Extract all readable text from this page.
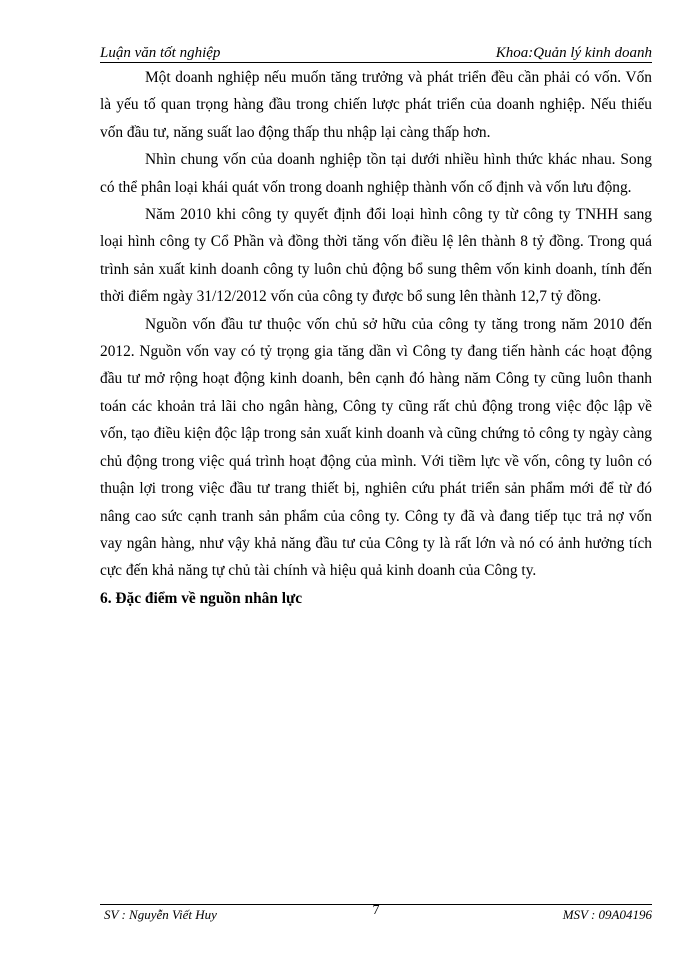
Luận văn tốt nghiệp	Khoa:Quản lý kinh doanh

Một doanh nghiệp nếu muốn tăng trưởng và phát triển đều cần phải có vốn. Vốn là yếu tố quan trọng hàng đầu trong chiến lược phát triển của doanh nghiệp. Nếu thiếu vốn đầu tư, năng suất lao động thấp thu nhập lại càng thấp hơn.

Nhìn chung vốn của doanh nghiệp tồn tại dưới nhiều hình thức khác nhau. Song có thể phân loại khái quát vốn trong doanh nghiệp thành vốn cố định và vốn lưu động.

Năm 2010 khi công ty quyết định đổi loại hình công ty từ công ty TNHH sang loại hình công ty Cổ Phần và đồng thời tăng vốn điều lệ lên thành 8 tỷ đồng. Trong quá trình sản xuất kinh doanh công ty luôn chủ động bổ sung thêm vốn kinh doanh, tính đến thời điểm ngày 31/12/2012 vốn của công ty được bổ sung lên thành 12,7 tỷ đồng.

Nguồn vốn đầu tư thuộc vốn chủ sở hữu của công ty tăng trong năm 2010 đến 2012. Nguồn vốn vay có tỷ trọng gia tăng dần vì Công ty đang tiến hành các hoạt động đầu tư mở rộng hoạt động kinh doanh, bên cạnh đó hàng năm Công ty cũng luôn thanh toán các khoản trả lãi cho ngân hàng, Công ty cũng rất chủ động trong việc độc lập về vốn, tạo điều kiện độc lập trong sản xuất kinh doanh và cũng chứng tỏ công ty ngày càng chủ động trong việc quá trình hoạt động của mình. Với tiềm lực về vốn, công ty luôn có thuận lợi trong việc đầu tư trang thiết bị, nghiên cứu phát triển sản phẩm mới để từ đó nâng cao sức cạnh tranh sản phẩm của công ty. Công ty đã và đang tiếp tục trả nợ vốn vay ngân hàng, như vậy khả năng đầu tư của Công ty là rất lớn và nó có ảnh hưởng tích cực đến khả năng tự chủ tài chính và hiệu quả kinh doanh của Công ty.

6. Đặc điểm về nguồn nhân lực

SV : Nguyễn Viết Huy	7	MSV : 09A04196
